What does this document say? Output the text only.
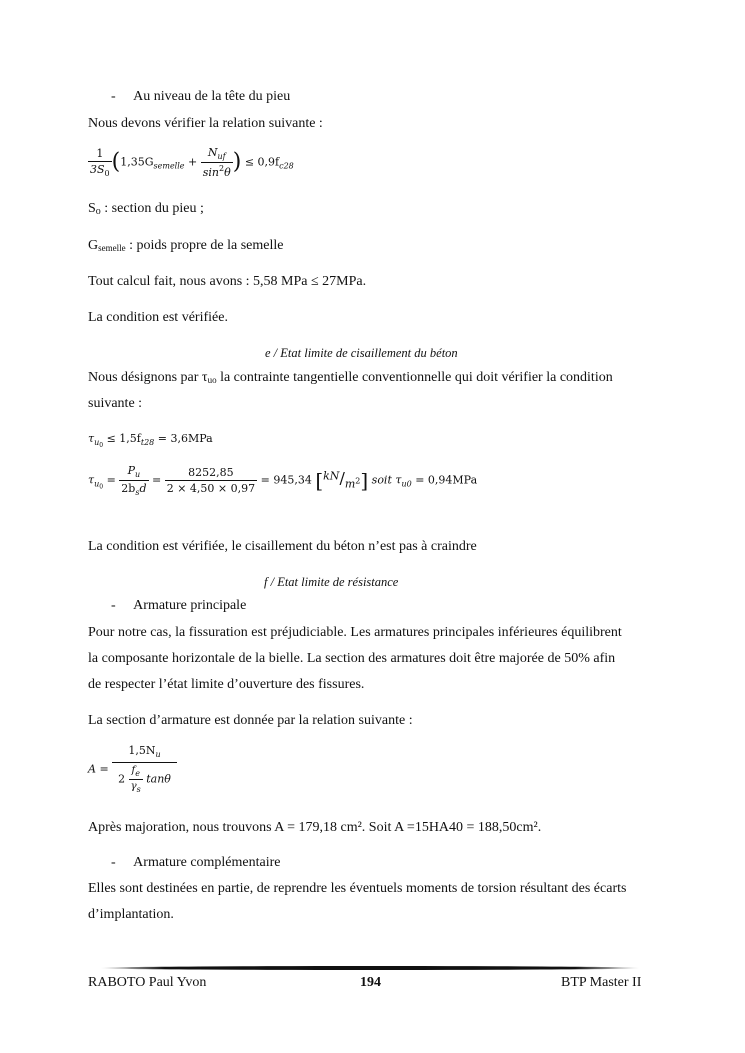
- Au niveau de la tête du pieu
Nous devons vérifier la relation suivante :
$\frac{1}{3S_0} (1,35G_{semelle} + \frac{N_{uf}}{\sin^2\theta}$ ) ≤ $0,9f_{c28}$
$S_o$ : section du pieu ;
$G_{semelle}$ : poids propre de la semelle
Tout calcul fait, nous avons : 5,58 MPa ≤ 27MPa.
La condition est vérifiée.
e / Etat limite de cisaillement du béton
Nous désignons par $\tau_{uo}$ la contrainte tangentielle conventionnelle qui doit vérifier la condition
suivante :
$\tau_{u0} \le 1,5f_{t28} = 3,6MPa$
$\tau_{u0} = \frac{P_u}{2b_sd} = \frac{8252,85}{2 \times 4,50 \times 0,97} = 945,34$ [kN/m2] soit $\tau_{u0} = 0,94MPa$
La condition est vérifiée, le cisaillement du béton n’est pas à craindre
f / Etat limite de résistance
- Armature principale
Pour notre cas, la fissuration est préjudiciable. Les armatures principales inférieures équilibrent
la composante horizontale de la bielle. La section des armatures doit être majorée de 50% afin
de respecter l’état limite d’ouverture des fissures.
La section d’armature est donnée par la relation suivante :
$A = \frac{1,5N_u}{2 \frac{f_e}{\gamma_s} \tan\theta}$
Après majoration, nous trouvons A = 179,18 cm². Soit A =15HA40 = 188,50cm².
- Armature complémentaire
Elles sont destinées en partie, de reprendre les éventuels moments de torsion résultant des écarts
d’implantation.
RABOTO Paul Yvon	194	BTP Master II
